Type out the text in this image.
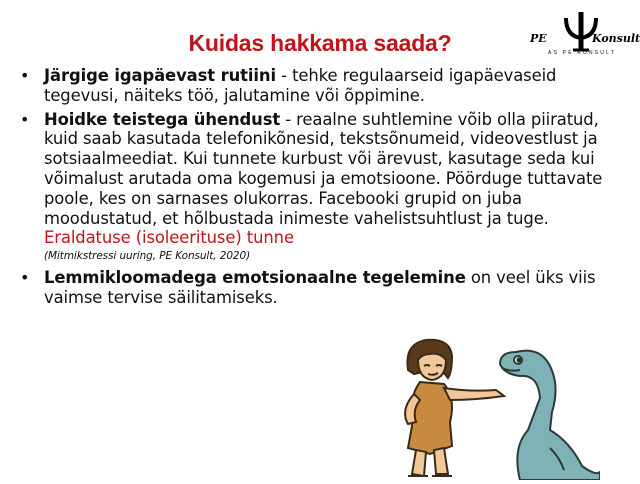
Kuidas hakkama saada?	PE	Konsult
AS PE KONSULT
• Järgige igapäevast rutiini - tehke regulaarseid igapäevaseid tegevusi, näiteks töö, jalutamine või õppimine.
• Hoidke teistega ühendust - reaalne suhtlemine võib olla piiratud, kuid saab kasutada telefonikõnesid, tekstsõnumeid, videovestlust ja sotsiaalmeediat. Kui tunnete kurbust või ärevust, kasutage seda kui võimalust arutada oma kogemusi ja emotsioone. Pöörduge tuttavate poole, kes on sarnases olukorras. Facebooki grupid on juba moodustatud, et hõlbustada inimeste vahelistsuhtlust ja tuge. Eraldatuse (isoleerituse) tunne
(Mitmikstressi uuring, PE Konsult, 2020)
• Lemmikloomadega emotsionaalne tegelemine on veel üks viis vaimse tervise säilitamiseks.
